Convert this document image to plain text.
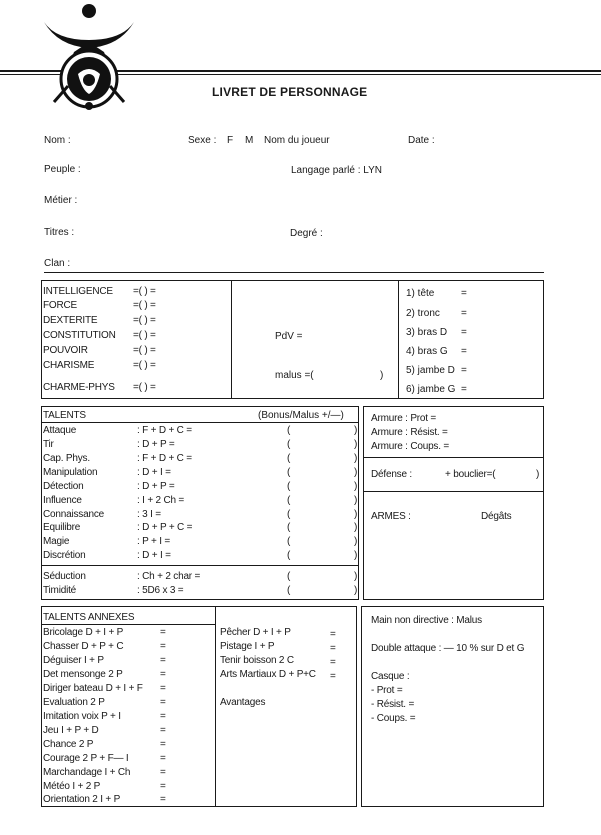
LIVRET DE PERSONNAGE
Nom :	Sexe : F M Nom du joueur	Date :
Peuple :	Langage parlé : LYN
Métier :
Titres :	Degré :
Clan :
INTELLIGENCE =( ) =
FORCE	=( ) =
DEXTERITE	=( ) =
CONSTITUTION =( ) =
POUVOIR	=( ) =
CHARISME	=( ) =
CHARME-PHYS =( ) =
PdV =
malus =(	)
1) tête	=
2) tronc =
3) bras D =
4) bras G =
5) jambe D =
6) jambe G =
TALENTS	(Bonus/Malus +/—)
Attaque	: F + D + C =	(	)
Tir	: D + P =	(	)
Cap. Phys.	: F + D + C =	(	)
Manipulation	: D + I =	(	)
Détection	: D + P =	(	)
Influence	: I + 2 Ch =	(	)
Connaissance	: 3 I =	(	)
Equilibre	: D + P + C =	(	)
Magie	: P + I =	(	)
Discrétion	: D + I =	(	)
Séduction	: Ch + 2 char =	(	)
Timidité	: 5D6 x 3 =	(	)
Armure : Prot =
Armure : Résist. =
Armure : Coups. =
Défense :	+ bouclier=(	)
ARMES :	Dégâts
TALENTS ANNEXES
Bricolage D + I + P	=
Chasser D + P + C	=
Déguiser I + P	=
Det mensonge 2 P	=
Diriger bateau D + I + F =
Evaluation 2 P	=
Imitation voix P + I	=
Jeu I + P + D	=
Chance 2 P	=
Courage 2 P + F— I	=
Marchandage I + Ch	=
Météo I + 2 P	=
Orientation 2 I + P	=
Pêcher D + I + P	=
Pistage I + P	=
Tenir boisson 2 C	=
Arts Martiaux D + P+C =
Avantages
Main non directive : Malus
Double attaque : — 10 % sur D et G
Casque :
- Prot =
- Résist. =
- Coups. =
